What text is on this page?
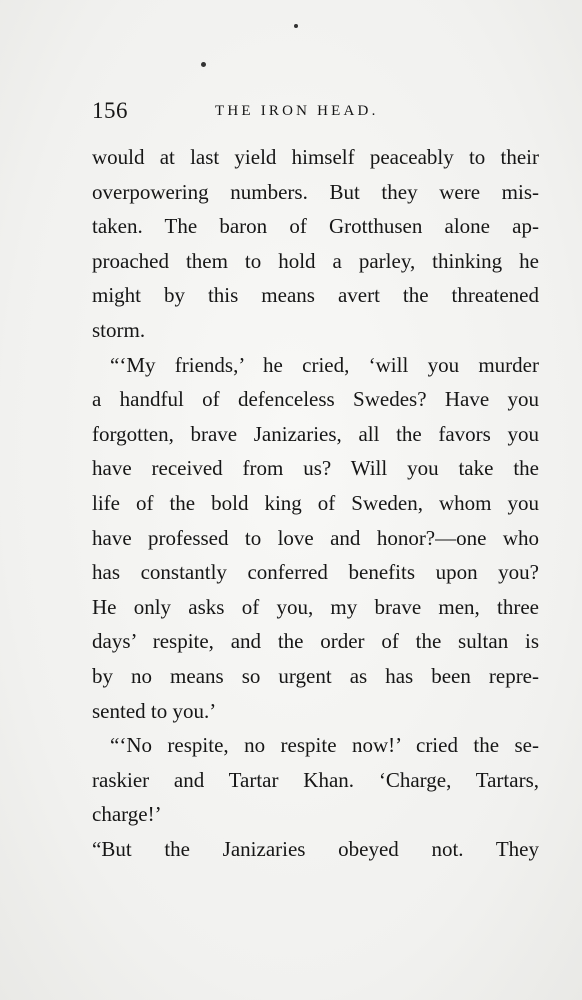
156	THE IRON HEAD.
would at last yield himself peaceably to their
overpowering numbers. But they were mis-
taken. The baron of Grotthusen alone ap-
proached them to hold a parley, thinking he
might by this means avert the threatened
storm.
“‘My friends,’ he cried, ‘will you murder
a handful of defenceless Swedes? Have you
forgotten, brave Janizaries, all the favors you
have received from us? Will you take the
life of the bold king of Sweden, whom you
have professed to love and honor?—one who
has constantly conferred benefits upon you?
He only asks of you, my brave men, three
days’ respite, and the order of the sultan is
by no means so urgent as has been repre-
sented to you.’
“‘No respite, no respite now!’ cried the se-
raskier and Tartar Khan. ‘Charge, Tartars,
charge!’
“But the Janizaries obeyed not. They
